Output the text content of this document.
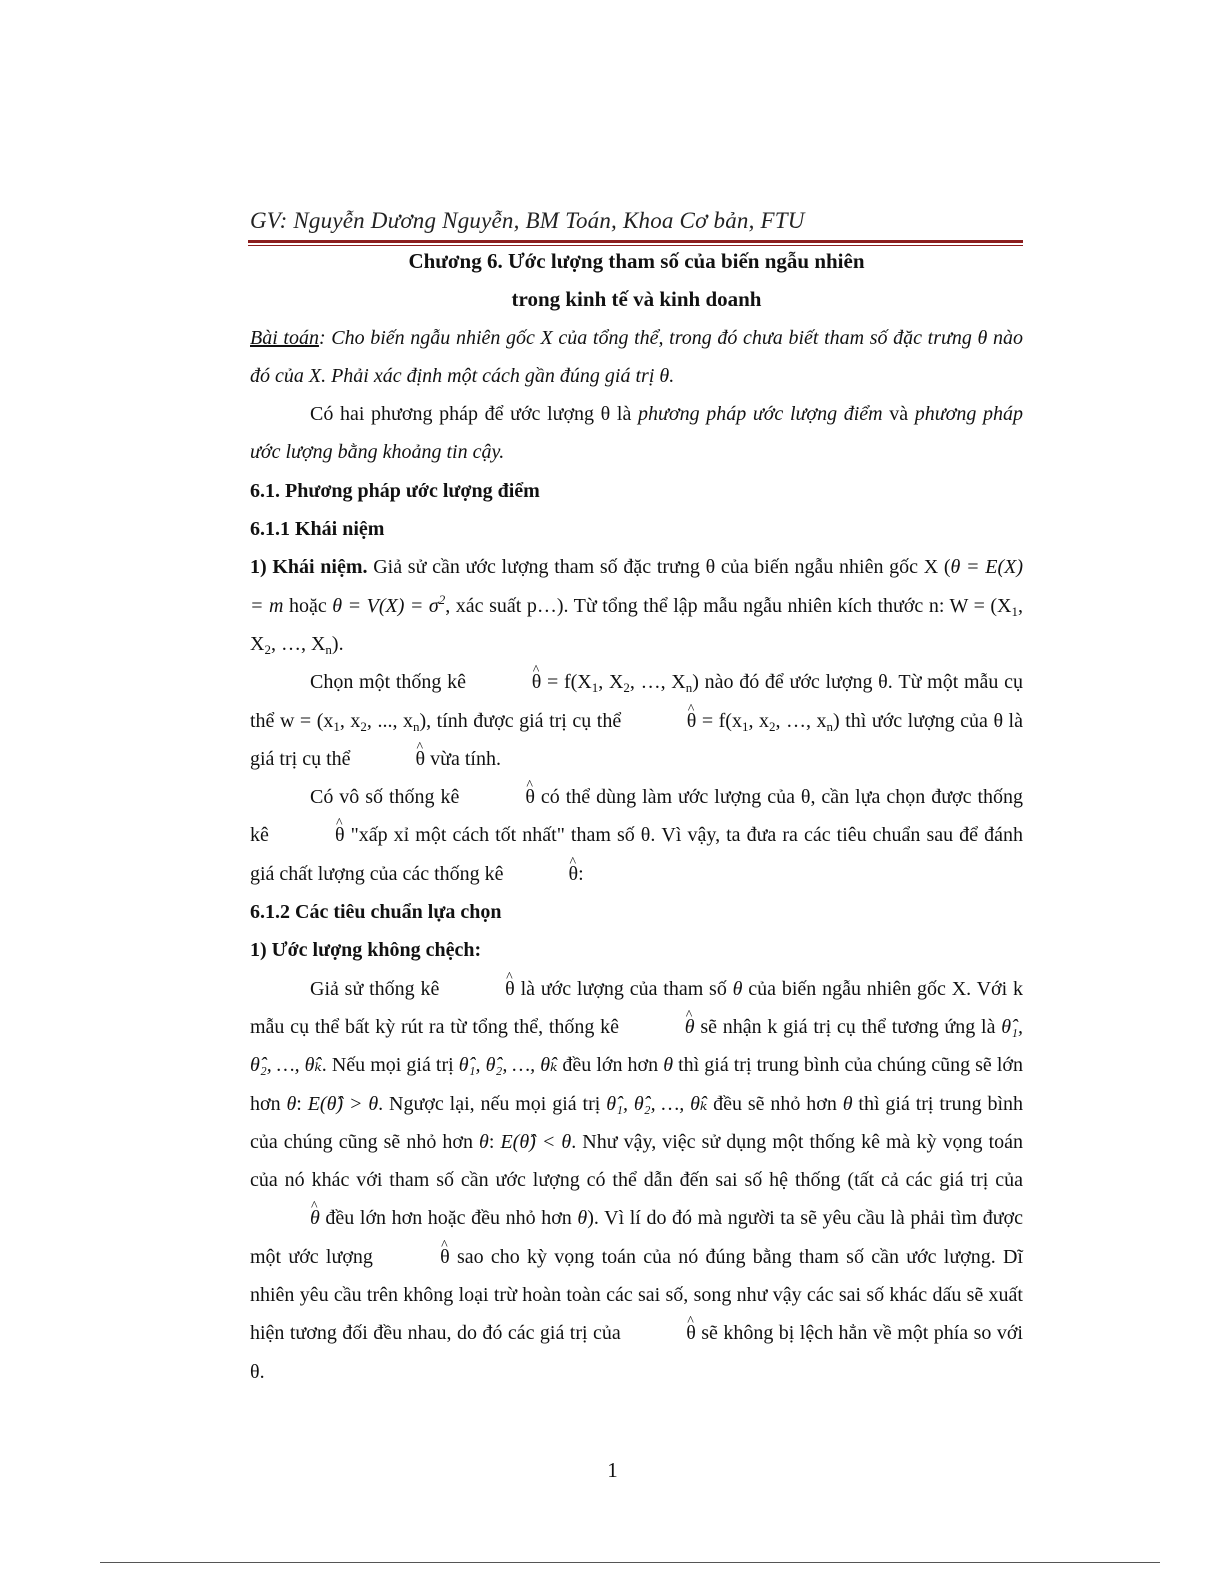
GV: Nguyễn Dương Nguyễn, BM Toán, Khoa Cơ bản, FTU

Chương 6. Ước lượng tham số của biến ngẫu nhiên

trong kinh tế và kinh doanh

Bài toán: Cho biến ngẫu nhiên gốc X của tổng thể, trong đó chưa biết tham số đặc trưng θ nào đó của X. Phải xác định một cách gần đúng giá trị θ.

Có hai phương pháp để ước lượng θ là phương pháp ước lượng điểm và phương pháp ước lượng bằng khoảng tin cậy.

6.1. Phương pháp ước lượng điểm

6.1.1 Khái niệm

1) Khái niệm. Giả sử cần ước lượng tham số đặc trưng θ của biến ngẫu nhiên gốc X (θ = E(X) = m hoặc $\theta = V(X) = \sigma^2$, xác suất p…). Từ tổng thể lập mẫu ngẫu nhiên kích thước n: $W = (X_1$, $X_2$, …, $X_n$).

Chọn một thống kê	^ $\theta = f(X_1$, $X_2$, …, $X_n$) nào đó để ước lượng θ. Từ một mẫu cụ thể $w = (x_1$, $x_2$, ..., $x_n$), tính được giá trị cụ thể	^ $\theta = f(x_1$, $x_2$, …, $x_n$) thì ước lượng của θ là giá trị cụ thể	^ θ vừa tính.

Có vô số thống kê	^ θ có thể dùng làm ước lượng của θ, cần lựa chọn được thống kê	^ θ "xấp xỉ một cách tốt nhất" tham số θ. Vì vậy, ta đưa ra các tiêu chuẩn sau để đánh giá chất lượng của các thống kê	^ θ:

6.1.2 Các tiêu chuẩn lựa chọn

1) Ước lượng không chệch:

Giả sử thống kê	^ θ là ước lượng của tham số θ của biến ngẫu nhiên gốc X. Với k mẫu cụ thể bất kỳ rút ra từ tổng thể, thống kê	^ θ sẽ nhận k giá trị cụ thể tương ứng là θ̂₁, θ̂₂, …, θ̂ₖ. Nếu mọi giá trị θ̂₁, θ̂₂, …, θ̂ₖ đều lớn hơn θ thì giá trị trung bình của chúng cũng sẽ lớn hơn θ: E(θ̂) > θ. Ngược lại, nếu mọi giá trị θ̂₁, θ̂₂, …, θ̂ₖ đều sẽ nhỏ hơn θ thì giá trị trung bình của chúng cũng sẽ nhỏ hơn θ: E(θ̂) < θ. Như vậy, việc sử dụng một thống kê mà kỳ vọng toán của nó khác với tham số cần ước lượng có thể dẫn đến sai số hệ thống (tất cả các giá trị của ^ θ đều lớn hơn hoặc đều nhỏ hơn θ). Vì lí do đó mà người ta sẽ yêu cầu là phải tìm được một ước lượng	^ θ sao cho kỳ vọng toán của nó đúng bằng tham số cần ước lượng. Dĩ nhiên yêu cầu trên không loại trừ hoàn toàn các sai số, song như vậy các sai số khác dấu sẽ xuất hiện tương đối đều nhau, do đó các giá trị của	^ θ sẽ không bị lệch hẳn về một phía so với θ.

1
